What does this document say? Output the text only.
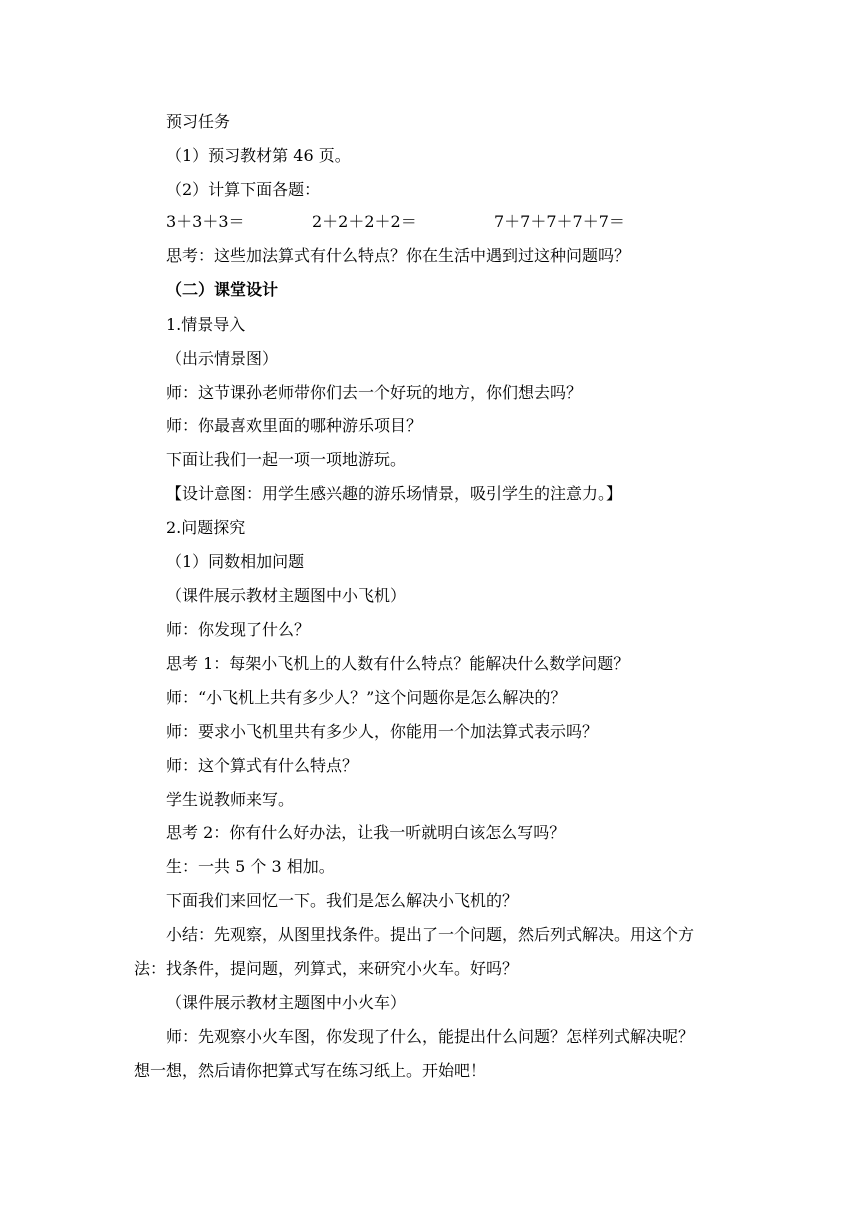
预习任务
（1）预习教材第 46 页。
（2）计算下面各题：
3＋3＋3＝	2＋2＋2＋2＝	7＋7＋7＋7＋7＝
思考：这些加法算式有什么特点？你在生活中遇到过这种问题吗？
（二）课堂设计
1.情景导入
（出示情景图）
师：这节课孙老师带你们去一个好玩的地方，你们想去吗？
师：你最喜欢里面的哪种游乐项目？
下面让我们一起一项一项地游玩。
【设计意图：用学生感兴趣的游乐场情景，吸引学生的注意力。】
2.问题探究
（1）同数相加问题
（课件展示教材主题图中小飞机）
师：你发现了什么？
思考 1：每架小飞机上的人数有什么特点？能解决什么数学问题？
师：“小飞机上共有多少人？”这个问题你是怎么解决的？
师：要求小飞机里共有多少人，你能用一个加法算式表示吗？
师：这个算式有什么特点？
学生说教师来写。
思考 2：你有什么好办法，让我一听就明白该怎么写吗？
生：一共 5 个 3 相加。
下面我们来回忆一下。我们是怎么解决小飞机的？
小结：先观察，从图里找条件。提出了一个问题，然后列式解决。用这个方
法：找条件，提问题，列算式，来研究小火车。好吗？
（课件展示教材主题图中小火车）
师：先观察小火车图，你发现了什么，能提出什么问题？怎样列式解决呢？
想一想，然后请你把算式写在练习纸上。开始吧！
